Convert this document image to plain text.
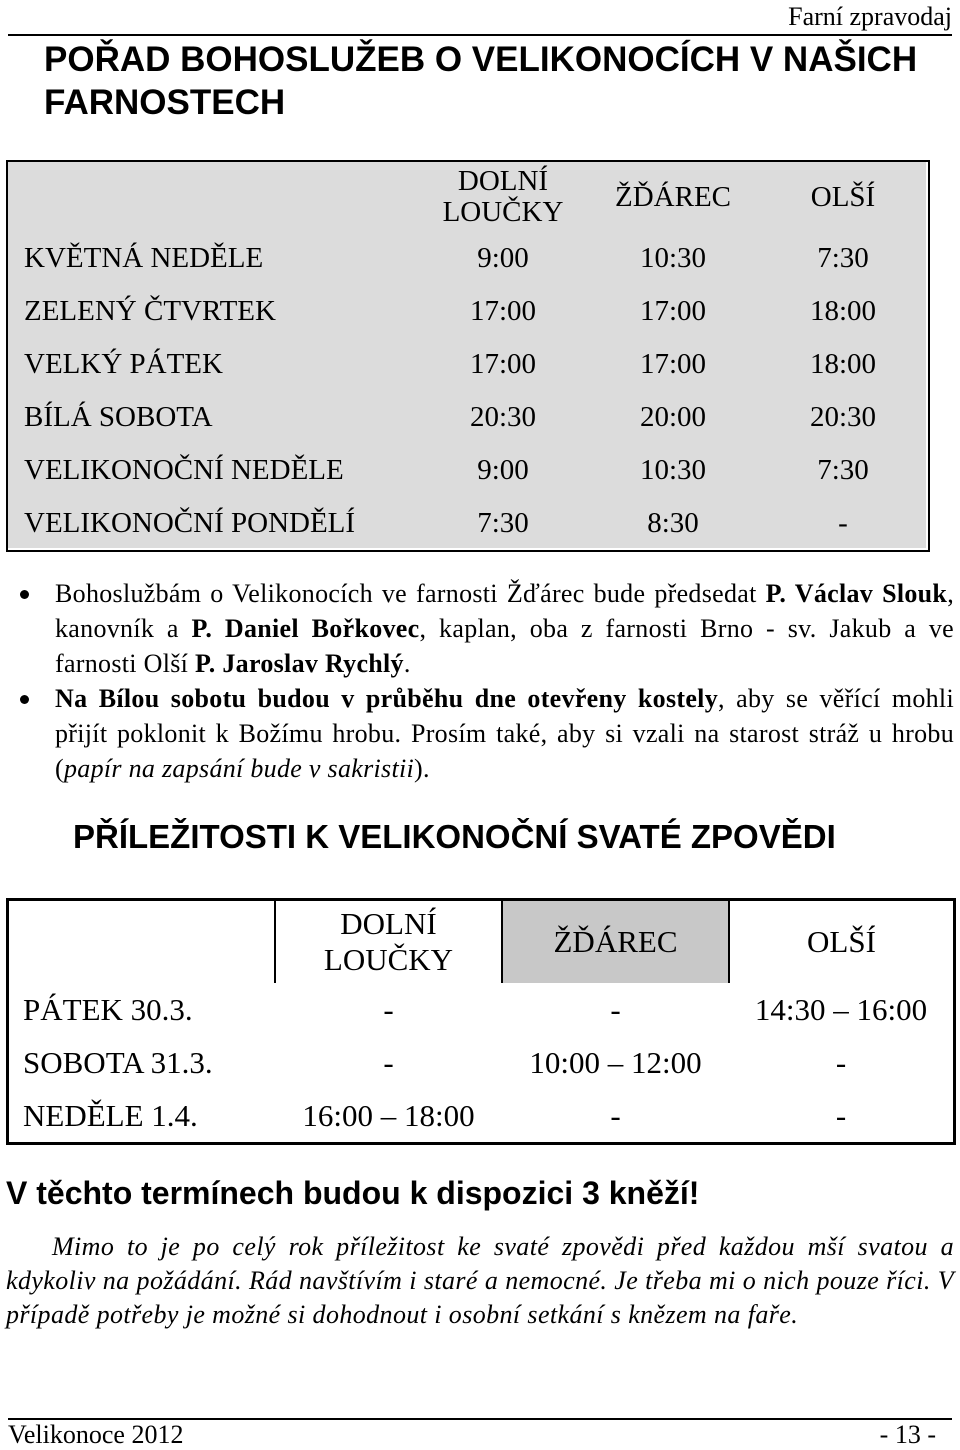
Farní zpravodaj
POŘAD BOHOSLUŽEB O VELIKONOCÍCH V NAŠICH FARNOSTECH
	DOLNÍ LOUČKY	ŽĎÁREC	OLŠÍ
KVĚTNÁ NEDĚLE	9:00	10:30	7:30
ZELENÝ ČTVRTEK	17:00	17:00	18:00
VELKÝ PÁTEK	17:00	17:00	18:00
BÍLÁ SOBOTA	20:30	20:00	20:30
VELIKONOČNÍ NEDĚLE	9:00	10:30	7:30
VELIKONOČNÍ PONDĚLÍ	7:30	8:30	-
Bohoslužbám o Velikonocích ve farnosti Žďárec bude předsedat P. Václav Slouk, kanovník a P. Daniel Bořkovec, kaplan, oba z farnosti Brno - sv. Jakub a ve farnosti Olší P. Jaroslav Rychlý.
Na Bílou sobotu budou v průběhu dne otevřeny kostely, aby se věřící mohli přijít poklonit k Božímu hrobu. Prosím také, aby si vzali na starost stráž u hrobu (papír na zapsání bude v sakristii).
PŘÍLEŽITOSTI K VELIKONOČNÍ SVATÉ ZPOVĚDI
	DOLNÍ LOUČKY	ŽĎÁREC	OLŠÍ
PÁTEK 30.3.	-	-	14:30 – 16:00
SOBOTA 31.3.	-	10:00 – 12:00	-
NEDĚLE 1.4.	16:00 – 18:00	-	-
V těchto termínech budou k dispozici 3 kněží!
Mimo to je po celý rok příležitost ke svaté zpovědi před každou mší svatou a kdykoliv na požádání. Rád navštívím i staré a nemocné. Je třeba mi o nich pouze říci. V případě potřeby je možné si dohodnout i osobní setkání s knězem na faře.
Velikonoce 2012	- 13 -
